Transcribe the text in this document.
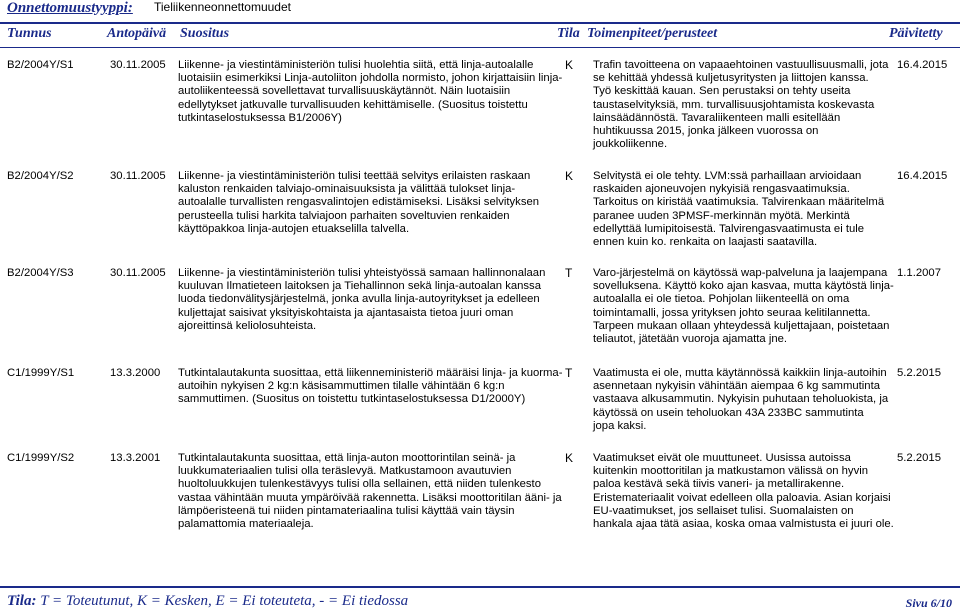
Onnettomuustyyppi: Tieliikenneonnettomuudet
Tunnus	Antopäivä Suositus	Tila Toimenpiteet/perusteet	Päivitetty
B2/2004Y/S1	30.11.2005 Liikenne- ja viestintäministeriön tulisi huolehtia siitä, että linja-autoalalle
luotaisiin esimerkiksi Linja-autoliiton johdolla normisto, johon kirjattaisiin linja-
autoliikenteessä sovellettavat turvallisuuskäytännöt. Näin luotaisiin
edellytykset jatkuvalle turvallisuuden kehittämiselle. (Suositus toistettu
tutkintaselostuksessa B1/2006Y)
K	Trafin tavoitteena on vapaaehtoinen vastuullisuusmalli, jota
se kehittää yhdessä kuljetusyritysten ja liittojen kanssa.
Työ keskittää kauan. Sen perustaksi on tehty useita
taustaselvityksiä, mm. turvallisuusjohtamista koskevasta
lainsäädännöstä. Tavaraliikenteen malli esitellään
huhtikuussa 2015, jonka jälkeen vuorossa on
joukkoliikenne.
16.4.2015
B2/2004Y/S2	30.11.2005 Liikenne- ja viestintäministeriön tulisi teettää selvitys erilaisten raskaan
kaluston renkaiden talviajo-ominaisuuksista ja välittää tulokset linja-
autoalalle turvallisten rengasvalintojen edistämiseksi. Lisäksi selvityksen
perusteella tulisi harkita talviajoon parhaiten soveltuvien renkaiden
käyttöpakkoa linja-autojen etuakselilla talvella.
K	Selvitystä ei ole tehty. LVM:ssä parhaillaan arvioidaan
raskaiden ajoneuvojen nykyisiä rengasvaatimuksia.
Tarkoitus on kiristää vaatimuksia. Talvirenkaan määritelmä
paranee uuden 3PMSF-merkinnän myötä. Merkintä
edellyttää lumipitoisestä. Talvirengasvaatimusta ei tule
ennen kuin ko. renkaita on laajasti saatavilla.
16.4.2015
B2/2004Y/S3	30.11.2005 Liikenne- ja viestintäministeriön tulisi yhteistyössä samaan hallinnonalaan
kuuluvan Ilmatieteen laitoksen ja Tiehallinnon sekä linja-autoalan kanssa
luoda tiedonvälitysjärjestelmä, jonka avulla linja-autoyritykset ja edelleen
kuljettajat saisivat yksityiskohtaista ja ajantasaista tietoa juuri oman
ajoreittinsä keliolosuhteista.
T	Varo-järjestelmä on käytössä wap-palveluna ja laajempana
sovelluksena. Käyttö koko ajan kasvaa, mutta käytöstä linja-
autoalalla ei ole tietoa. Pohjolan liikenteellä on oma
toimintamalli, jossa yrityksen johto seuraa kelitilannetta.
Tarpeen mukaan ollaan yhteydessä kuljettajaan, poistetaan
teliautot, jätetään vuoroja ajamatta jne.
1.1.2007
C1/1999Y/S1	13.3.2000 Tutkintalautakunta suosittaa, että liikenneministeriö määräisi linja- ja kuorma-
autoihin nykyisen 2 kg:n käsisammuttimen tilalle vähintään 6 kg:n
sammuttimen. (Suositus on toistettu tutkintaselostuksessa D1/2000Y)
T	Vaatimusta ei ole, mutta käytännössä kaikkiin linja-autoihin
asennetaan nykyisin vähintään aiempaa 6 kg sammutinta
vastaava alkusammutin. Nykyisin puhutaan teholuokista, ja
käytössä on usein teholuokan 43A 233BC sammutinta
jopa kaksi.
5.2.2015
C1/1999Y/S2	13.3.2001 Tutkintalautakunta suosittaa, että linja-auton moottorintilan seinä- ja
luukkumateriaalien tulisi olla teräslevyä. Matkustamoon avautuvien
huoltoluukkujen tulenkestävyys tulisi olla sellainen, että niiden tulenkesto
vastaa vähintään muuta ympäröivää rakennetta. Lisäksi moottoritilan ääni- ja
lämpöeristeenä tui niiden pintamateriaalina tulisi käyttää vain täysin
palamattomia materiaaleja.
K	Vaatimukset eivät ole muuttuneet. Uusissa autoissa
kuitenkin moottoritilan ja matkustamon välissä on hyvin
paloa kestävä sekä tiivis vaneri- ja metallirakenne.
Eristemateriaalit voivat edelleen olla paloavia. Asian korjaisi
EU-vaatimukset, jos sellaiset tulisi. Suomalaisten on
hankala ajaa tätä asiaa, koska omaa valmistusta ei juuri ole.
5.2.2015
Tila: T = Toteutunut, K = Kesken, E = Ei toteuteta, - = Ei tiedossa	Sivu 6/10
